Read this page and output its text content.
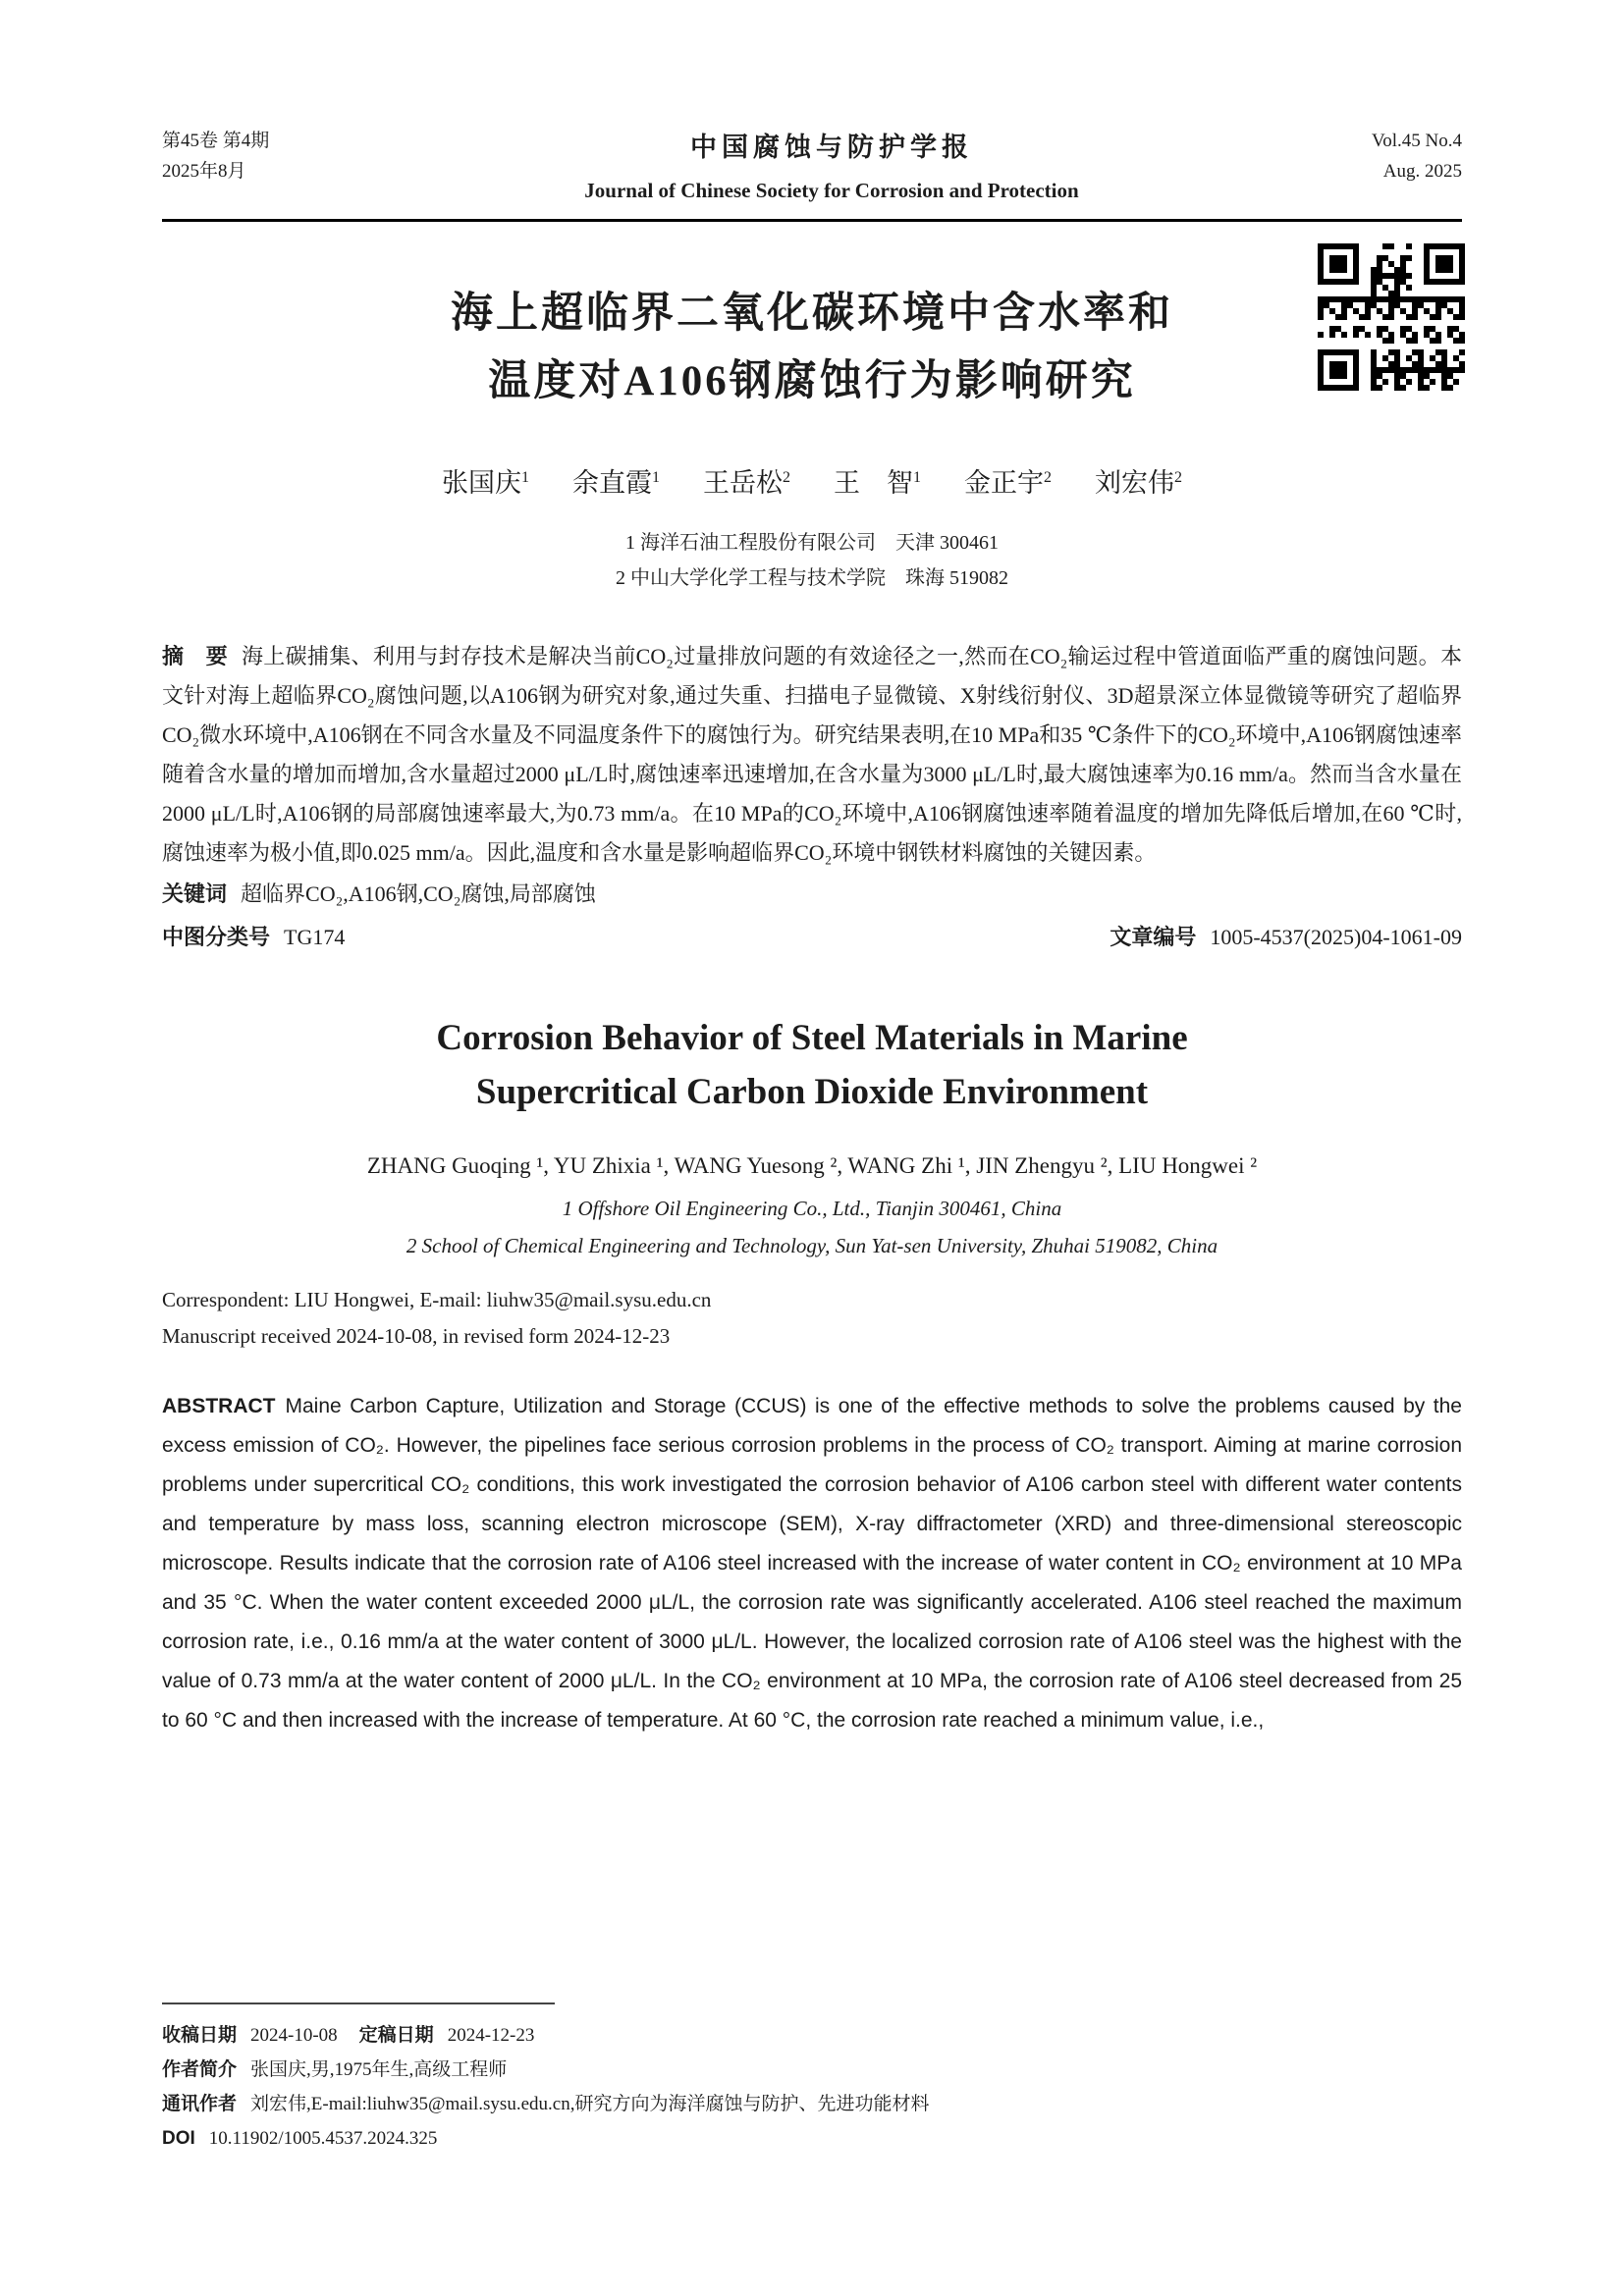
第45卷 第4期
2025年8月
中国腐蚀与防护学报
Journal of Chinese Society for Corrosion and Protection
Vol.45 No.4
Aug. 2025
海上超临界二氧化碳环境中含水率和
温度对A106钢腐蚀行为影响研究
张国庆$^1$ 余直霞$^1$ 王岳松$^2$ 王　智$^1$ 金正宇$^2$ 刘宏伟$^2$
1 海洋石油工程股份有限公司　天津 300461
2 中山大学化学工程与技术学院　珠海 519082

摘　要 海上碳捕集、利用与封存技术是解决当前CO₂过量排放问题的有效途径之一,然而在CO₂输运过程中管道面临严重的腐蚀问题。本文针对海上超临界CO₂腐蚀问题,以A106钢为研究对象,通过失重、扫描电子显微镜、X射线衍射仪、3D超景深立体显微镜等研究了超临界CO₂微水环境中,A106钢在不同含水量及不同温度条件下的腐蚀行为。研究结果表明,在10 MPa和35 ℃条件下的CO₂环境中,A106钢腐蚀速率随着含水量的增加而增加,含水量超过2000 μL/L时,腐蚀速率迅速增加,在含水量为3000 μL/L时,最大腐蚀速率为0.16 mm/a。然而当含水量在2000 μL/L时,A106钢的局部腐蚀速率最大,为0.73 mm/a。在10 MPa的CO₂环境中,A106钢腐蚀速率随着温度的增加先降低后增加,在60 ℃时,腐蚀速率为极小值,即0.025 mm/a。因此,温度和含水量是影响超临界CO₂环境中钢铁材料腐蚀的关键因素。

关键词 超临界CO₂,A106钢,CO₂腐蚀,局部腐蚀

中图分类号 TG174	文章编号 1005-4537(2025)04-1061-09
Corrosion Behavior of Steel Materials in Marine
Supercritical Carbon Dioxide Environment
ZHANG Guoqing ¹, YU Zhixia ¹, WANG Yuesong ², WANG Zhi ¹, JIN Zhengyu ², LIU Hongwei ²
1 Offshore Oil Engineering Co., Ltd., Tianjin 300461, China
2 School of Chemical Engineering and Technology, Sun Yat-sen University, Zhuhai 519082, China
Correspondent: LIU Hongwei, E-mail: liuhw35@mail.sysu.edu.cn
Manuscript received 2024-10-08, in revised form 2024-12-23

ABSTRACT Maine Carbon Capture, Utilization and Storage (CCUS) is one of the effective methods to solve the problems caused by the excess emission of CO₂. However, the pipelines face serious corrosion problems in the process of CO₂ transport. Aiming at marine corrosion problems under supercritical CO₂ conditions, this work investigated the corrosion behavior of A106 carbon steel with different water contents and temperature by mass loss, scanning electron microscope (SEM), X-ray diffractometer (XRD) and three-dimensional stereoscopic microscope. Results indicate that the corrosion rate of A106 steel increased with the increase of water content in CO₂ environment at 10 MPa and 35 °C. When the water content exceeded 2000 μL/L, the corrosion rate was significantly accelerated. A106 steel reached the maximum corrosion rate, i.e., 0.16 mm/a at the water content of 3000 μL/L. However, the localized corrosion rate of A106 steel was the highest with the value of 0.73 mm/a at the water content of 2000 μL/L. In the CO₂ environment at 10 MPa, the corrosion rate of A106 steel decreased from 25 to 60 °C and then increased with the increase of temperature. At 60 °C, the corrosion rate reached a minimum value, i.e.,

收稿日期 2024-10-08 定稿日期 2024-12-23
作者简介 张国庆,男,1975年生,高级工程师
通讯作者 刘宏伟,E-mail:liuhw35@mail.sysu.edu.cn,研究方向为海洋腐蚀与防护、先进功能材料
DOI 10.11902/1005.4537.2024.325
